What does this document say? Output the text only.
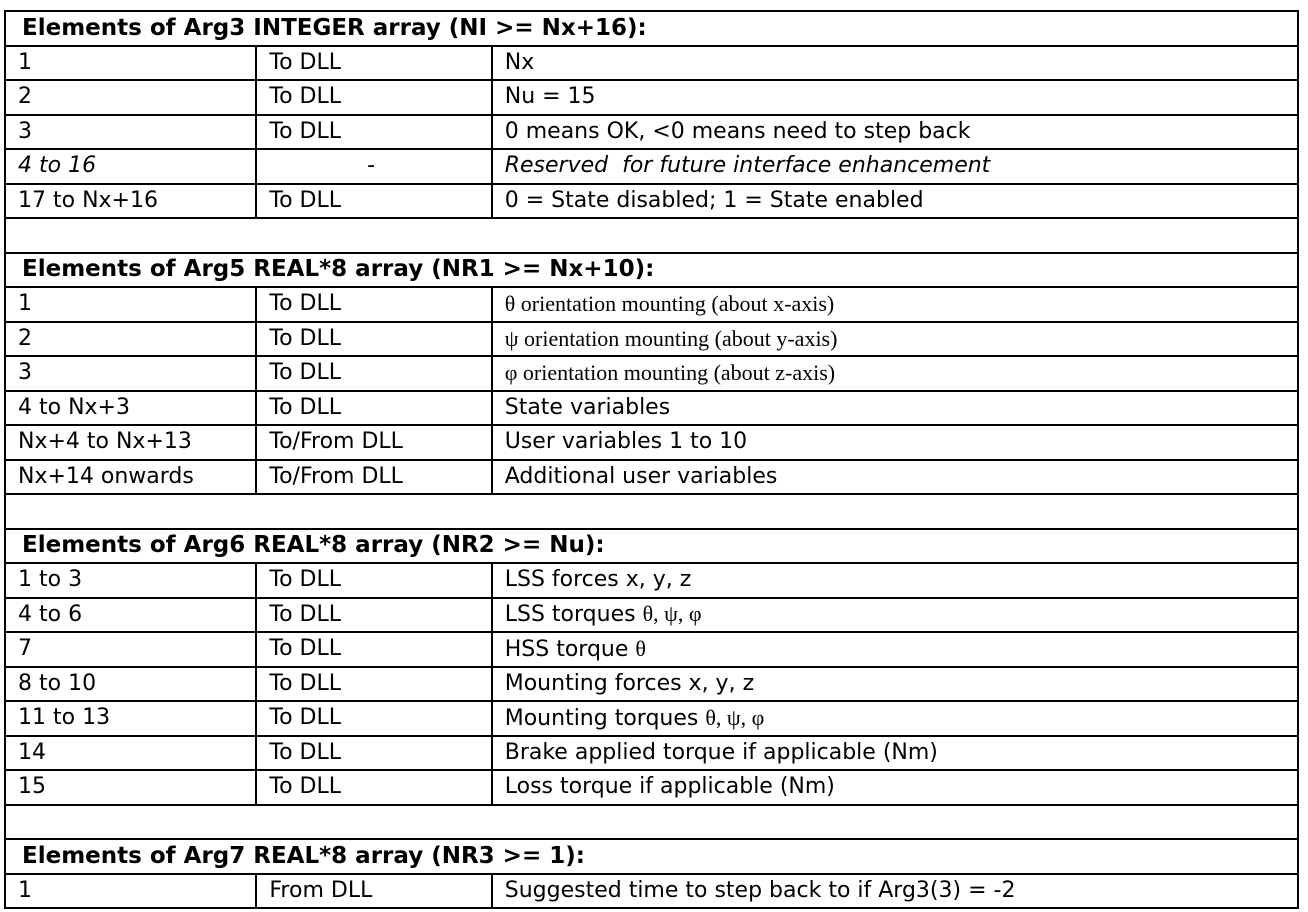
Elements of Arg3 INTEGER array (NI >= Nx+16):		
1	To DLL	Nx
2	To DLL	Nu = 15
3	To DLL	0 means OK, <0 means need to step back
4 to 16	-	Reserved  for future interface enhancement
17 to Nx+16	To DLL	0 = State disabled; 1 = State enabled

Elements of Arg5 REAL*8 array (NR1 >= Nx+10):		
1	To DLL	θ orientation mounting (about x-axis)
2	To DLL	ψ orientation mounting (about y-axis)
3	To DLL	φ orientation mounting (about z-axis)
4 to Nx+3	To DLL	State variables
Nx+4 to Nx+13	To/From DLL	User variables 1 to 10
Nx+14 onwards	To/From DLL	Additional user variables

Elements of Arg6 REAL*8 array (NR2 >= Nu):		
1 to 3	To DLL	LSS forces x, y, z
4 to 6	To DLL	LSS torques θ, ψ, φ
7	To DLL	HSS torque θ
8 to 10	To DLL	Mounting forces x, y, z
11 to 13	To DLL	Mounting torques θ, ψ, φ
14	To DLL	Brake applied torque if applicable (Nm)
15	To DLL	Loss torque if applicable (Nm)

Elements of Arg7 REAL*8 array (NR3 >= 1):		
1	From DLL	Suggested time to step back to if Arg3(3) = -2
